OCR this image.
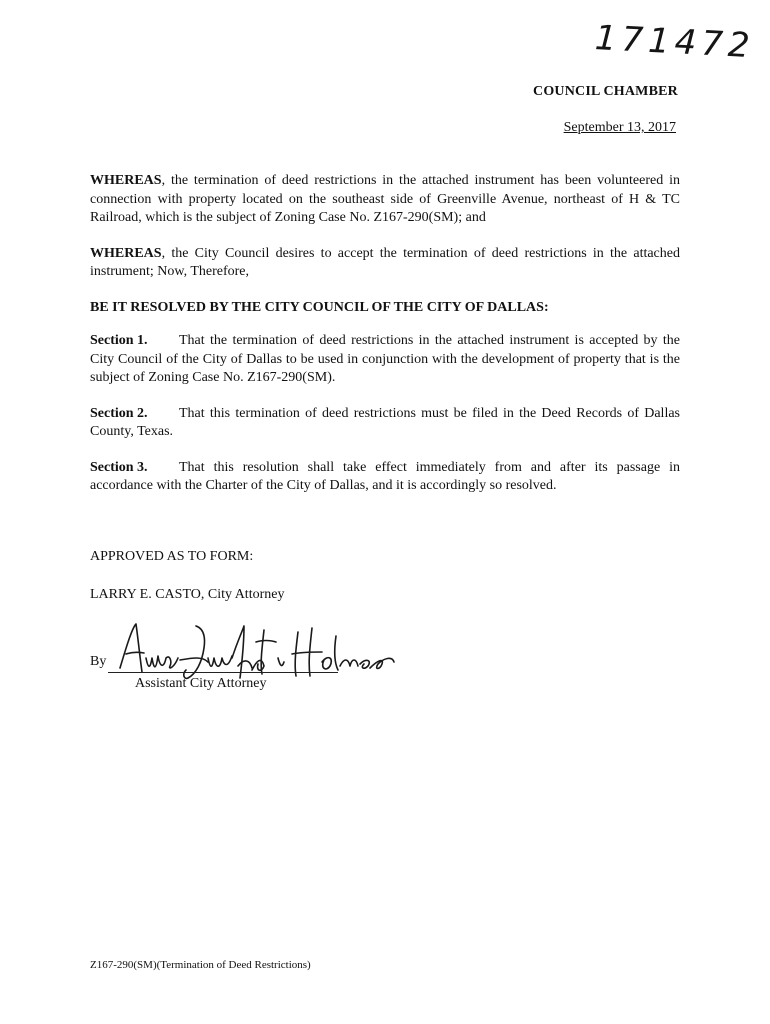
171472
COUNCIL CHAMBER
September 13, 2017

WHEREAS, the termination of deed restrictions in the attached instrument has been volunteered in connection with property located on the southeast side of Greenville Avenue, northeast of H & TC Railroad, which is the subject of Zoning Case No. Z167-290(SM); and

WHEREAS, the City Council desires to accept the termination of deed restrictions in the attached instrument; Now, Therefore,

BE IT RESOLVED BY THE CITY COUNCIL OF THE CITY OF DALLAS:

Section 1. That the termination of deed restrictions in the attached instrument is accepted by the City Council of the City of Dallas to be used in conjunction with the development of property that is the subject of Zoning Case No. Z167-290(SM).

Section 2. That this termination of deed restrictions must be filed in the Deed Records of Dallas County, Texas.

Section 3. That this resolution shall take effect immediately from and after its passage in accordance with the Charter of the City of Dallas, and it is accordingly so resolved.

APPROVED AS TO FORM:
LARRY E. CASTO, City Attorney
By
Assistant City Attorney
Z167-290(SM)(Termination of Deed Restrictions)
